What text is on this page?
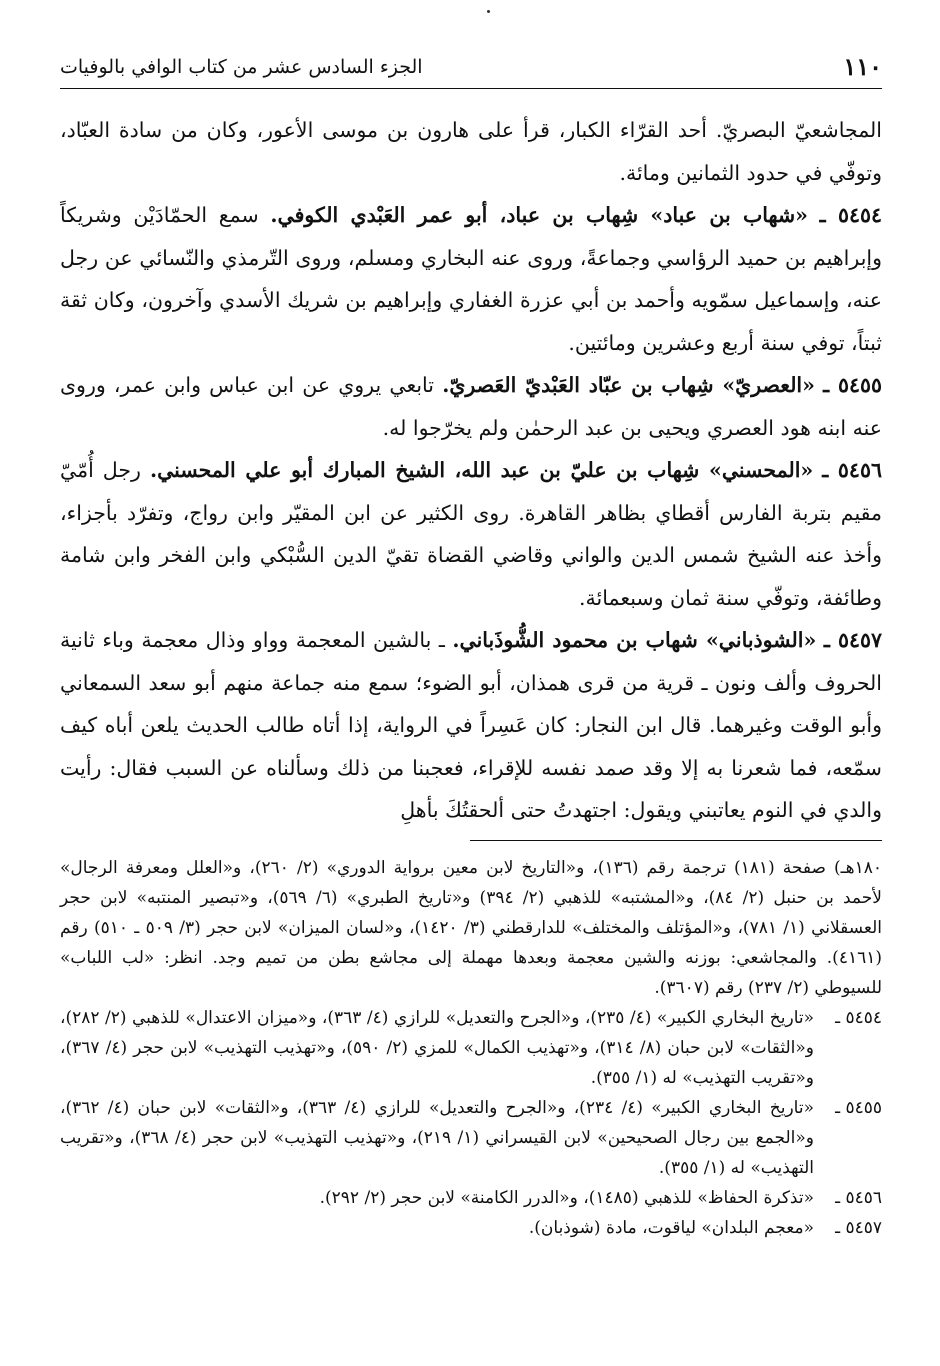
١١٠
الجزء السادس عشر من كتاب الوافي بالوفيات

المجاشعيّ البصريّ. أحد القرّاء الكبار، قرأ على هارون بن موسى الأعور، وكان من سادة العبّاد، وتوفّي في حدود الثمانين ومائة.

٥٤٥٤ ـ «شهاب بن عباد» شِهاب بن عباد، أبو عمر العَبْدي الكوفي. سمع الحمّادَيْن وشريكاً وإبراهيم بن حميد الرؤاسي وجماعةً، وروى عنه البخاري ومسلم، وروى التّرمذي والنّسائي عن رجل عنه، وإسماعيل سمّويه وأحمد بن أبي عزرة الغفاري وإبراهيم بن شريك الأسدي وآخرون، وكان ثقة ثبتاً، توفي سنة أربع وعشرين ومائتين.

٥٤٥٥ ـ «العصريّ» شِهاب بن عبّاد العَبْديّ العَصريّ. تابعي يروي عن ابن عباس وابن عمر، وروى عنه ابنه هود العصري ويحيى بن عبد الرحمٰن ولم يخرّجوا له.

٥٤٥٦ ـ «المحسني» شِهاب بن عليّ بن عبد الله، الشيخ المبارك أبو علي المحسني. رجل أُمّيّ مقيم بتربة الفارس أقطاي بظاهر القاهرة. روى الكثير عن ابن المقيّر وابن رواج، وتفرّد بأجزاء، وأخذ عنه الشيخ شمس الدين والواني وقاضي القضاة تقيّ الدين السُّبْكي وابن الفخر وابن شامة وطائفة، وتوفّي سنة ثمان وسبعمائة.

٥٤٥٧ ـ «الشوذباني» شهاب بن محمود الشُّوذَباني. ـ بالشين المعجمة وواو وذال معجمة وباء ثانية الحروف وألف ونون ـ قرية من قرى همذان، أبو الضوء؛ سمع منه جماعة منهم أبو سعد السمعاني وأبو الوقت وغيرهما. قال ابن النجار: كان عَسِراً في الرواية، إذا أتاه طالب الحديث يلعن أباه كيف سمّعه، فما شعرنا به إلا وقد صمد نفسه للإقراء، فعجبنا من ذلك وسألناه عن السبب فقال: رأيت والدي في النوم يعاتبني ويقول: اجتهدتُ حتى ألحقتُكَ بأهلِ

١٨٠هـ) صفحة (١٨١) ترجمة رقم (١٣٦)، و«التاريخ لابن معين برواية الدوري» (٢/ ٢٦٠)، و«العلل ومعرفة الرجال» لأحمد بن حنبل (٢/ ٨٤)، و«المشتبه» للذهبي (٢/ ٣٩٤) و«تاريخ الطبري» (٦/ ٥٦٩)، و«تبصير المنتبه» لابن حجر العسقلاني (١/ ٧٨١)، و«المؤتلف والمختلف» للدارقطني (٣/ ١٤٢٠)، و«لسان الميزان» لابن حجر (٣/ ٥٠٩ ـ ٥١٠) رقم (٤١٦١). والمجاشعي: بوزنه والشين معجمة وبعدها مهملة إلى مجاشع بطن من تميم وجد. انظر: «لب اللباب» للسيوطي (٢/ ٢٣٧) رقم (٣٦٠٧).

٥٤٥٤ ـ
«تاريخ البخاري الكبير» (٤/ ٢٣٥)، و«الجرح والتعديل» للرازي (٤/ ٣٦٣)، و«ميزان الاعتدال» للذهبي (٢/ ٢٨٢)، و«الثقات» لابن حبان (٨/ ٣١٤)، و«تهذيب الكمال» للمزي (٢/ ٥٩٠)، و«تهذيب التهذيب» لابن حجر (٤/ ٣٦٧)، و«تقريب التهذيب» له (١/ ٣٥٥).
٥٤٥٥ ـ
«تاريخ البخاري الكبير» (٤/ ٢٣٤)، و«الجرح والتعديل» للرازي (٤/ ٣٦٣)، و«الثقات» لابن حبان (٤/ ٣٦٢)، و«الجمع بين رجال الصحيحين» لابن القيسراني (١/ ٢١٩)، و«تهذيب التهذيب» لابن حجر (٤/ ٣٦٨)، و«تقريب التهذيب» له (١/ ٣٥٥).
٥٤٥٦ ـ
«تذكرة الحفاظ» للذهبي (١٤٨٥)، و«الدرر الكامنة» لابن حجر (٢/ ٢٩٢).
٥٤٥٧ ـ
«معجم البلدان» لياقوت، مادة (شوذبان).
